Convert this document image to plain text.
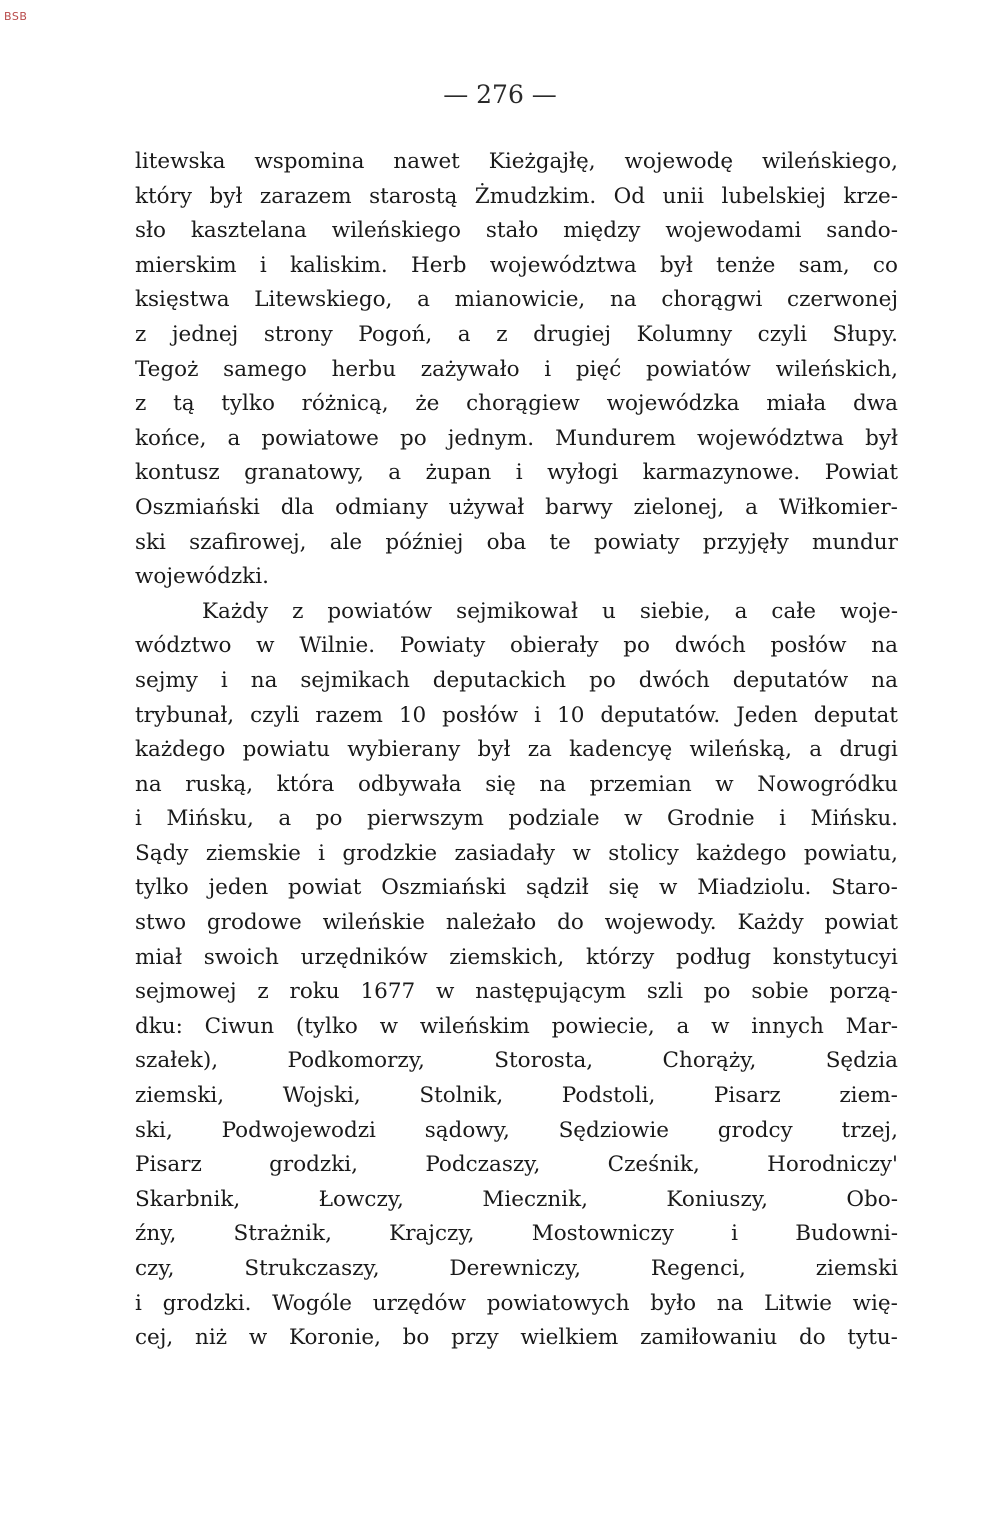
BSB
— 276 —
litewska wspomina nawet Kieżgajłę, wojewodę wileńskiego,
który był zarazem starostą Żmudzkim. Od unii lubelskiej krze-
sło kasztelana wileńskiego stało między wojewodami sando-
mierskim i kaliskim. Herb województwa był tenże sam, co
księstwa Litewskiego, a mianowicie, na chorągwi czerwonej
z jednej strony Pogoń, a z drugiej Kolumny czyli Słupy.
Tegoż samego herbu zażywało i pięć powiatów wileńskich,
z tą tylko różnicą, że chorągiew wojewódzka miała dwa
końce, a powiatowe po jednym. Mundurem województwa był
kontusz granatowy, a żupan i wyłogi karmazynowe. Powiat
Oszmiański dla odmiany używał barwy zielonej, a Wiłkomier-
ski szafirowej, ale później oba te powiaty przyjęły mundur
wojewódzki.
Każdy z powiatów sejmikował u siebie, a całe woje-
wództwo w Wilnie. Powiaty obierały po dwóch posłów na
sejmy i na sejmikach deputackich po dwóch deputatów na
trybunał, czyli razem 10 posłów i 10 deputatów. Jeden deputat
każdego powiatu wybierany był za kadencyę wileńską, a drugi
na ruską, która odbywała się na przemian w Nowogródku
i Mińsku, a po pierwszym podziale w Grodnie i Mińsku.
Sądy ziemskie i grodzkie zasiadały w stolicy każdego powiatu,
tylko jeden powiat Oszmiański sądził się w Miadziolu. Staro-
stwo grodowe wileńskie należało do wojewody. Każdy powiat
miał swoich urzędników ziemskich, którzy podług konstytucyi
sejmowej z roku 1677 w następującym szli po sobie porzą-
dku: Ciwun (tylko w wileńskim powiecie, a w innych Mar-
szałek),	Podkomorzy,	Storosta,	Chorąży,	Sędzia
ziemski,	Wojski,	Stolnik,	Podstoli,	Pisarz	ziem-
ski, Podwojewodzi sądowy, Sędziowie grodcy trzej,
Pisarz	grodzki,	Podczaszy,	Cześnik,	Horodniczy'
Skarbnik,	Łowczy,	Miecznik,	Koniuszy,	Obo-
źny,	Strażnik,	Krajczy,	Mostowniczy	i	Budowni-
czy,	Strukczaszy,	Derewniczy,	Regenci,	ziemski
i grodzki. Wogóle urzędów powiatowych było na Litwie wię-
cej, niż w Koronie, bo przy wielkiem zamiłowaniu do tytu-
